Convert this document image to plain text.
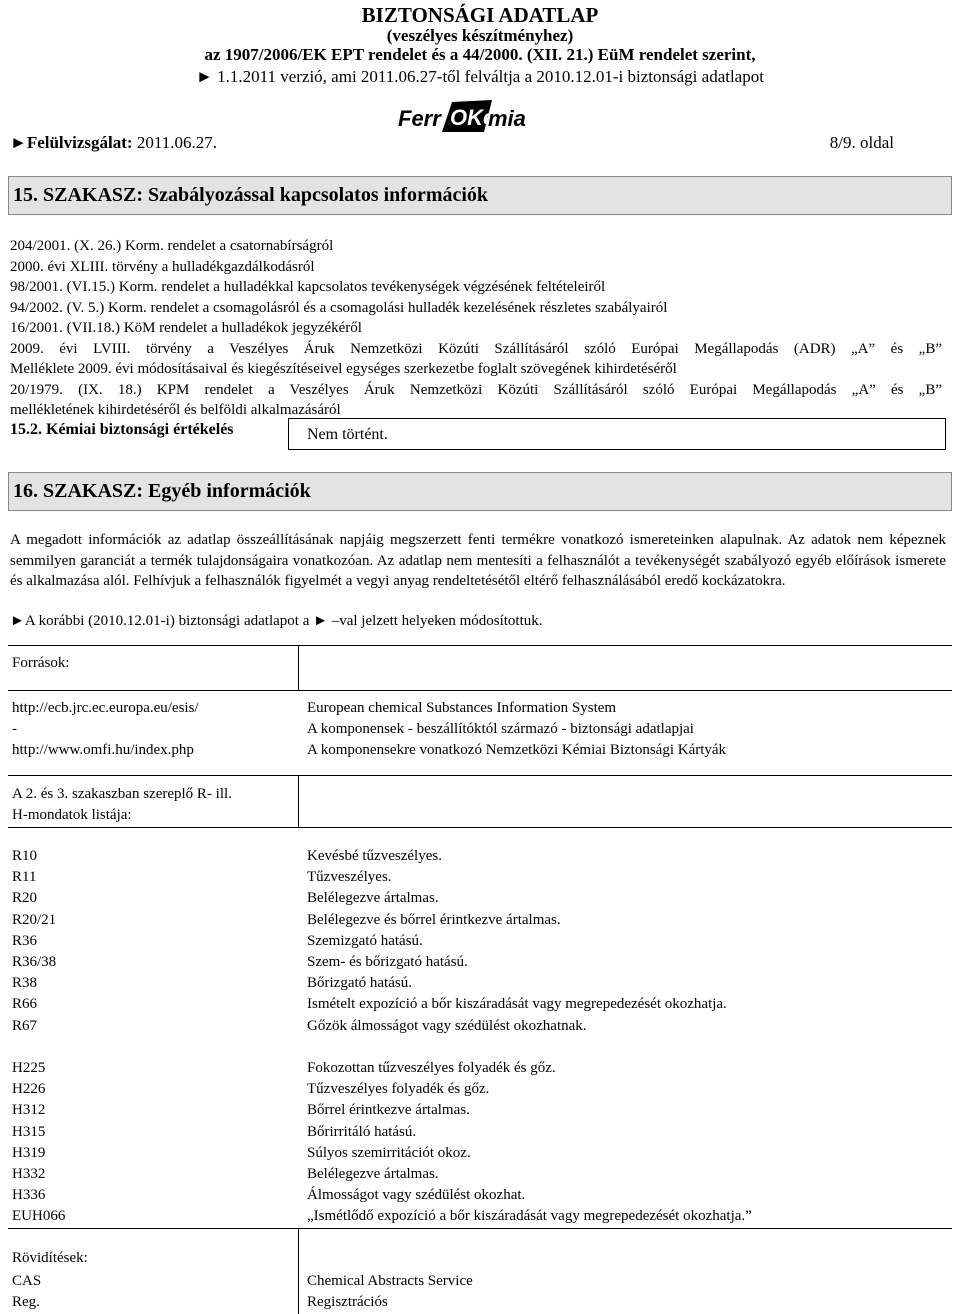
BIZTONSÁGI ADATLAP
(veszélyes készítményhez)
az 1907/2006/EK EPT rendelet és a 44/2000. (XII. 21.) EüM rendelet szerint,
► 1.1.2011 verzió, ami 2011.06.27-től felváltja a 2010.12.01-i biztonsági adatlapot
►Felülvizsgálat: 2011.06.27.
Ferr OKé
mia
8/9. oldal
15. SZAKASZ: Szabályozással kapcsolatos információk
204/2001. (X. 26.) Korm. rendelet a csatornabírságról
2000. évi XLIII. törvény a hulladékgazdálkodásról
98/2001. (VI.15.) Korm. rendelet a hulladékkal kapcsolatos tevékenységek végzésének feltételeiről
94/2002. (V. 5.) Korm. rendelet a csomagolásról és a csomagolási hulladék kezelésének részletes szabályairól
16/2001. (VII.18.) KöM rendelet a hulladékok jegyzékéről
2009. évi LVIII. törvény a Veszélyes Áruk Nemzetközi Közúti Szállításáról szóló Európai Megállapodás (ADR) „A” és „B”
Melléklete 2009. évi módosításaival és kiegészítéseivel egységes szerkezetbe foglalt szövegének kihirdetéséről
20/1979. (IX. 18.) KPM rendelet a Veszélyes Áruk Nemzetközi Közúti Szállításáról szóló Európai Megállapodás „A” és „B”
mellékletének kihirdetéséről és belföldi alkalmazásáról
15.2. Kémiai biztonsági értékelés	Nem történt.
16. SZAKASZ: Egyéb információk
A megadott információk az adatlap összeállításának napjáig megszerzett fenti termékre vonatkozó ismereteinken alapulnak. Az adatok nem képeznek semmilyen garanciát a termék tulajdonságaira vonatkozóan. Az adatlap nem mentesíti a felhasználót a tevékenységét szabályozó egyéb előírások ismerete és alkalmazása alól. Felhívjuk a felhasználók figyelmét a vegyi anyag rendeltetésétől eltérő felhasználásából eredő kockázatokra.
►A korábbi (2010.12.01-i) biztonsági adatlapot a ► –val jelzett helyeken módosítottuk.
Források:
http://ecb.jrc.ec.europa.eu/esis/
-
http://www.omfi.hu/index.php
European chemical Substances Information System
A komponensek - beszállítóktól származó - biztonsági adatlapjai
A komponensekre vonatkozó Nemzetközi Kémiai Biztonsági Kártyák
A 2. és 3. szakaszban szereplő R- ill.
H-mondatok listája:
R10
R11
R20
R20/21
R36
R36/38
R38
R66
R67
Kevésbé tűzveszélyes.
Tűzveszélyes.
Belélegezve ártalmas.
Belélegezve és bőrrel érintkezve ártalmas.
Szemizgató hatású.
Szem- és bőrizgató hatású.
Bőrizgató hatású.
Ismételt expozíció a bőr kiszáradását vagy megrepedezését okozhatja.
Gőzök álmosságot vagy szédülést okozhatnak.
H225
H226
H312
H315
H319
H332
H336
EUH066
Fokozottan tűzveszélyes folyadék és gőz.
Tűzveszélyes folyadék és gőz.
Bőrrel érintkezve ártalmas.
Bőrirritáló hatású.
Súlyos szemirritációt okoz.
Belélegezve ártalmas.
Álmosságot vagy szédülést okozhat.
„Ismétlődő expozíció a bőr kiszáradását vagy megrepedezését okozhatja.”
Rövidítések:
CAS
Reg.
Chemical Abstracts Service
Regisztrációs
